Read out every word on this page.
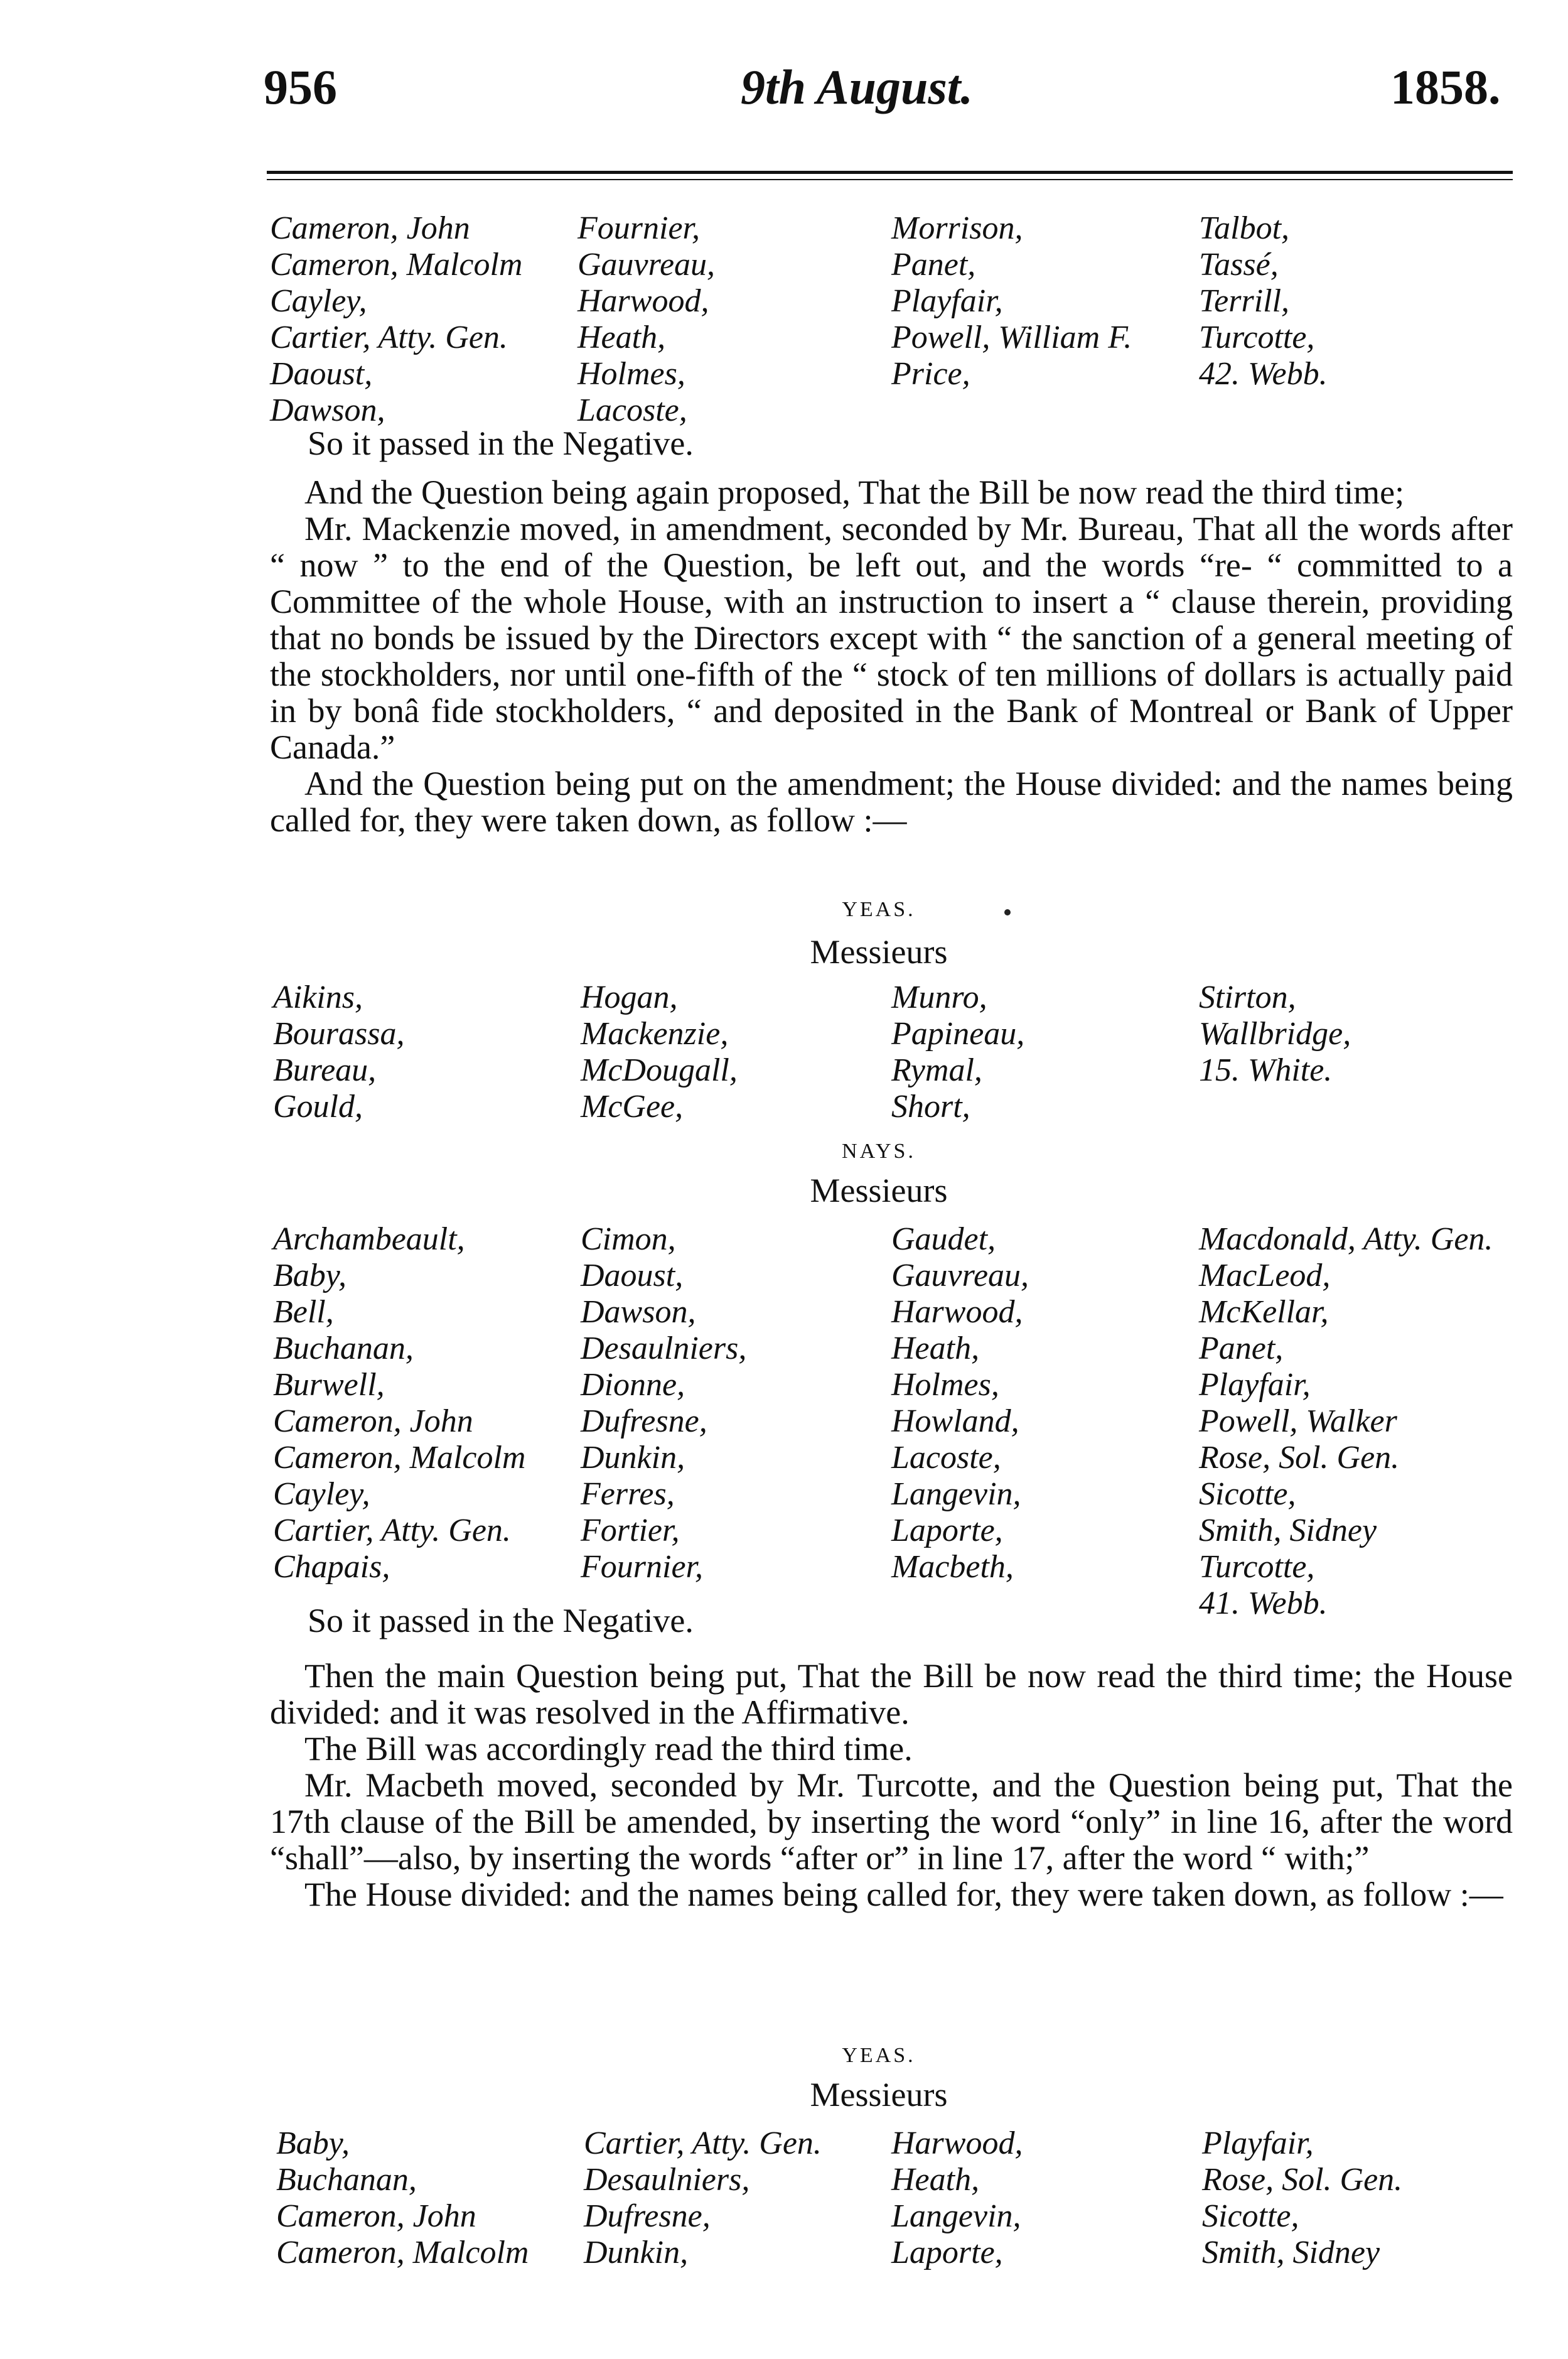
956	9th August.	1858.
Cameron, John
Cameron, Malcolm
Cayley,
Cartier, Atty. Gen.
Daoust,
Dawson,
Fournier,
Gauvreau,
Harwood,
Heath,
Holmes,
Lacoste,
Morrison,
Panet,
Playfair,
Powell, William F.
Price,
Talbot,
Tassé,
Terrill,
Turcotte,
42. Webb.
So it passed in the Negative.

And the Question being again proposed, That the Bill be now read the third time;

Mr. Mackenzie moved, in amendment, seconded by Mr. Bureau, That all the words after “ now ” to the end of the Question, be left out, and the words “re- “ committed to a Committee of the whole House, with an instruction to insert a “ clause therein, providing that no bonds be issued by the Directors except with “ the sanction of a general meeting of the stockholders, nor until one-fifth of the “ stock of ten millions of dollars is actually paid in by bonâ fide stockholders, “ and deposited in the Bank of Montreal or Bank of Upper Canada.”

And the Question being put on the amendment; the House divided: and the names being called for, they were taken down, as follow :—

YEAS.
Messieurs
Aikins,
Bourassa,
Bureau,
Gould,
Hogan,
Mackenzie,
McDougall,
McGee,
Munro,
Papineau,
Rymal,
Short,
Stirton,
Wallbridge,
15. White.
NAYS.
Messieurs
Archambeault,
Baby,
Bell,
Buchanan,
Burwell,
Cameron, John
Cameron, Malcolm
Cayley,
Cartier, Atty. Gen.
Chapais,
Cimon,
Daoust,
Dawson,
Desaulniers,
Dionne,
Dufresne,
Dunkin,
Ferres,
Fortier,
Fournier,
Gaudet,
Gauvreau,
Harwood,
Heath,
Holmes,
Howland,
Lacoste,
Langevin,
Laporte,
Macbeth,
Macdonald, Atty. Gen.
MacLeod,
McKellar,
Panet,
Playfair,
Powell, Walker
Rose, Sol. Gen.
Sicotte,
Smith, Sidney
Turcotte,
41. Webb.
So it passed in the Negative.

Then the main Question being put, That the Bill be now read the third time; the House divided: and it was resolved in the Affirmative.

The Bill was accordingly read the third time.

Mr. Macbeth moved, seconded by Mr. Turcotte, and the Question being put, That the 17th clause of the Bill be amended, by inserting the word “only” in line 16, after the word “shall”—also, by inserting the words “after or” in line 17, after the word “ with;”

The House divided: and the names being called for, they were taken down, as follow :—

YEAS.
Messieurs
Baby,
Buchanan,
Cameron, John
Cameron, Malcolm
Cartier, Atty. Gen.
Desaulniers,
Dufresne,
Dunkin,
Harwood,
Heath,
Langevin,
Laporte,
Playfair,
Rose, Sol. Gen.
Sicotte,
Smith, Sidney
